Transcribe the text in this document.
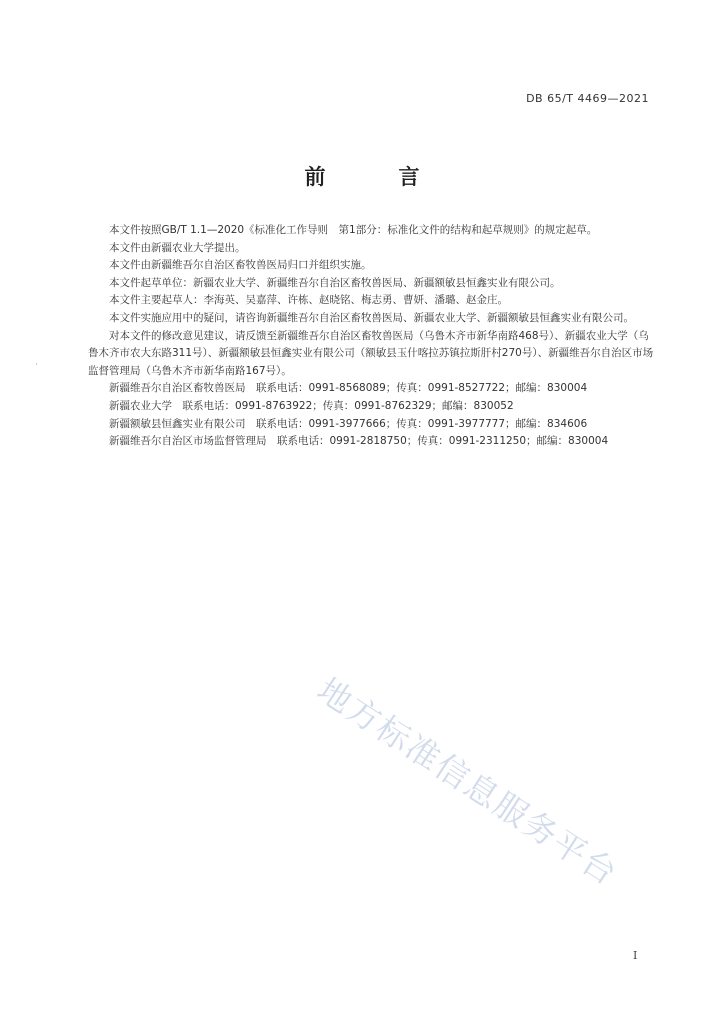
DB 65/T 4469—2021
前　言
·

本文件按照GB/T 1.1—2020《标准化工作导则　第1部分：标准化文件的结构和起草规则》的规定起草。

本文件由新疆农业大学提出。

本文件由新疆维吾尔自治区畜牧兽医局归口并组织实施。

本文件起草单位：新疆农业大学、新疆维吾尔自治区畜牧兽医局、新疆额敏县恒鑫实业有限公司。

本文件主要起草人：李海英、吴嘉萍、许栋、赵晓铭、梅志勇、曹妍、潘璐、赵金庄。

本文件实施应用中的疑问，请咨询新疆维吾尔自治区畜牧兽医局、新疆农业大学、新疆额敏县恒鑫实业有限公司。

对本文件的修改意见建议，请反馈至新疆维吾尔自治区畜牧兽医局（乌鲁木齐市新华南路468号）、新疆农业大学（乌鲁木齐市农大东路311号）、新疆额敏县恒鑫实业有限公司（额敏县玉什喀拉苏镇拉斯肝村270号）、新疆维吾尔自治区市场监督管理局（乌鲁木齐市新华南路167号）。

新疆维吾尔自治区畜牧兽医局　联系电话：0991-8568089；传真：0991-8527722；邮编：830004

新疆农业大学　联系电话：0991-8763922；传真：0991-8762329；邮编：830052

新疆额敏县恒鑫实业有限公司　联系电话：0991-3977666；传真：0991-3977777；邮编：834606

新疆维吾尔自治区市场监督管理局　联系电话：0991-2818750；传真：0991-2311250；邮编：830004

地方标准信息服务平台
I
